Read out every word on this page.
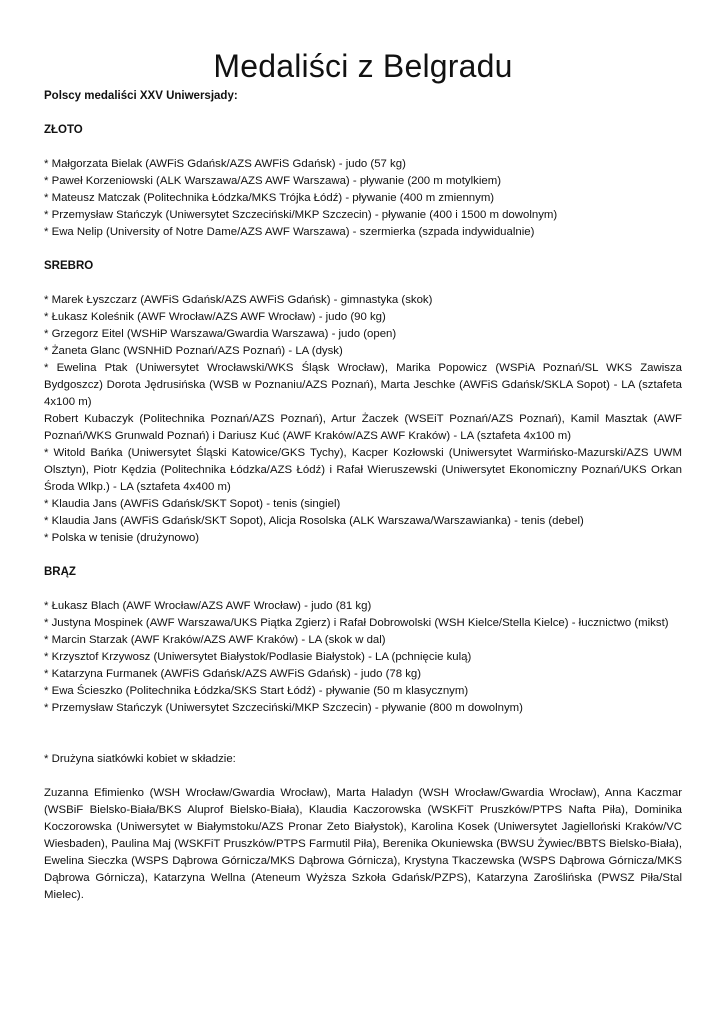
Medaliści z Belgradu

Polscy medaliści XXV Uniwersjady:

ZŁOTO

* Małgorzata Bielak (AWFiS Gdańsk/AZS AWFiS Gdańsk) - judo (57 kg)
* Paweł Korzeniowski (ALK Warszawa/AZS AWF Warszawa) - pływanie (200 m motylkiem)
* Mateusz Matczak (Politechnika Łódzka/MKS Trójka Łódź) - pływanie (400 m zmiennym)
* Przemysław Stańczyk (Uniwersytet Szczeciński/MKP Szczecin) - pływanie (400 i 1500 m dowolnym)
* Ewa Nelip (University of Notre Dame/AZS AWF Warszawa) - szermierka (szpada indywidualnie)

SREBRO

* Marek Łyszczarz (AWFiS Gdańsk/AZS AWFiS Gdańsk) - gimnastyka (skok)
* Łukasz Koleśnik (AWF Wrocław/AZS AWF Wrocław) - judo (90 kg)
* Grzegorz Eitel (WSHiP Warszawa/Gwardia Warszawa) - judo (open)
* Żaneta Glanc (WSNHiD Poznań/AZS Poznań) - LA (dysk)
* Ewelina Ptak (Uniwersytet Wrocławski/WKS Śląsk Wrocław), Marika Popowicz (WSPiA Poznań/SL WKS Zawisza Bydgoszcz) Dorota Jędrusińska (WSB w Poznaniu/AZS Poznań), Marta Jeschke (AWFiS Gdańsk/SKLA Sopot) - LA (sztafeta 4x100 m)
Robert Kubaczyk (Politechnika Poznań/AZS Poznań), Artur Żaczek (WSEiT Poznań/AZS Poznań), Kamil Masztak (AWF Poznań/WKS Grunwald Poznań) i Dariusz Kuć (AWF Kraków/AZS AWF Kraków) - LA (sztafeta 4x100 m)
* Witold Bańka (Uniwersytet Śląski Katowice/GKS Tychy), Kacper Kozłowski (Uniwersytet Warmińsko-Mazurski/AZS UWM Olsztyn), Piotr Kędzia (Politechnika Łódzka/AZS Łódź) i Rafał Wieruszewski (Uniwersytet Ekonomiczny Poznań/UKS Orkan Środa Wlkp.) - LA (sztafeta 4x400 m)
* Klaudia Jans (AWFiS Gdańsk/SKT Sopot) - tenis (singiel)
* Klaudia Jans (AWFiS Gdańsk/SKT Sopot), Alicja Rosolska (ALK Warszawa/Warszawianka) - tenis (debel)
* Polska w tenisie (drużynowo)

BRĄZ

* Łukasz Blach (AWF Wrocław/AZS AWF Wrocław) - judo (81 kg)
* Justyna Mospinek (AWF Warszawa/UKS Piątka Zgierz) i Rafał Dobrowolski (WSH Kielce/Stella Kielce) - łucznictwo (mikst)
* Marcin Starzak (AWF Kraków/AZS AWF Kraków) - LA (skok w dal)
* Krzysztof Krzywosz (Uniwersytet Białystok/Podlasie Białystok) - LA (pchnięcie kulą)
* Katarzyna Furmanek (AWFiS Gdańsk/AZS AWFiS Gdańsk) - judo (78 kg)
* Ewa Ścieszko (Politechnika Łódzka/SKS Start Łódź) - pływanie (50 m klasycznym)
* Przemysław Stańczyk (Uniwersytet Szczeciński/MKP Szczecin) - pływanie (800 m dowolnym)

* Drużyna siatkówki kobiet w składzie:

Zuzanna Efimienko (WSH Wrocław/Gwardia Wrocław), Marta Haladyn (WSH Wrocław/Gwardia Wrocław), Anna Kaczmar (WSBiF Bielsko-Biała/BKS Aluprof Bielsko-Biała), Klaudia Kaczorowska (WSKFiT Pruszków/PTPS Nafta Piła), Dominika Koczorowska (Uniwersytet w Białymstoku/AZS Pronar Zeto Białystok), Karolina Kosek (Uniwersytet Jagielloński Kraków/VC Wiesbaden), Paulina Maj (WSKFiT Pruszków/PTPS Farmutil Piła), Berenika Okuniewska (BWSU Żywiec/BBTS Bielsko-Biała), Ewelina Sieczka (WSPS Dąbrowa Górnicza/MKS Dąbrowa Górnicza), Krystyna Tkaczewska (WSPS Dąbrowa Górnicza/MKS Dąbrowa Górnicza), Katarzyna Wellna (Ateneum Wyższa Szkoła Gdańsk/PZPS), Katarzyna Zaroślińska (PWSZ Piła/Stal Mielec).
